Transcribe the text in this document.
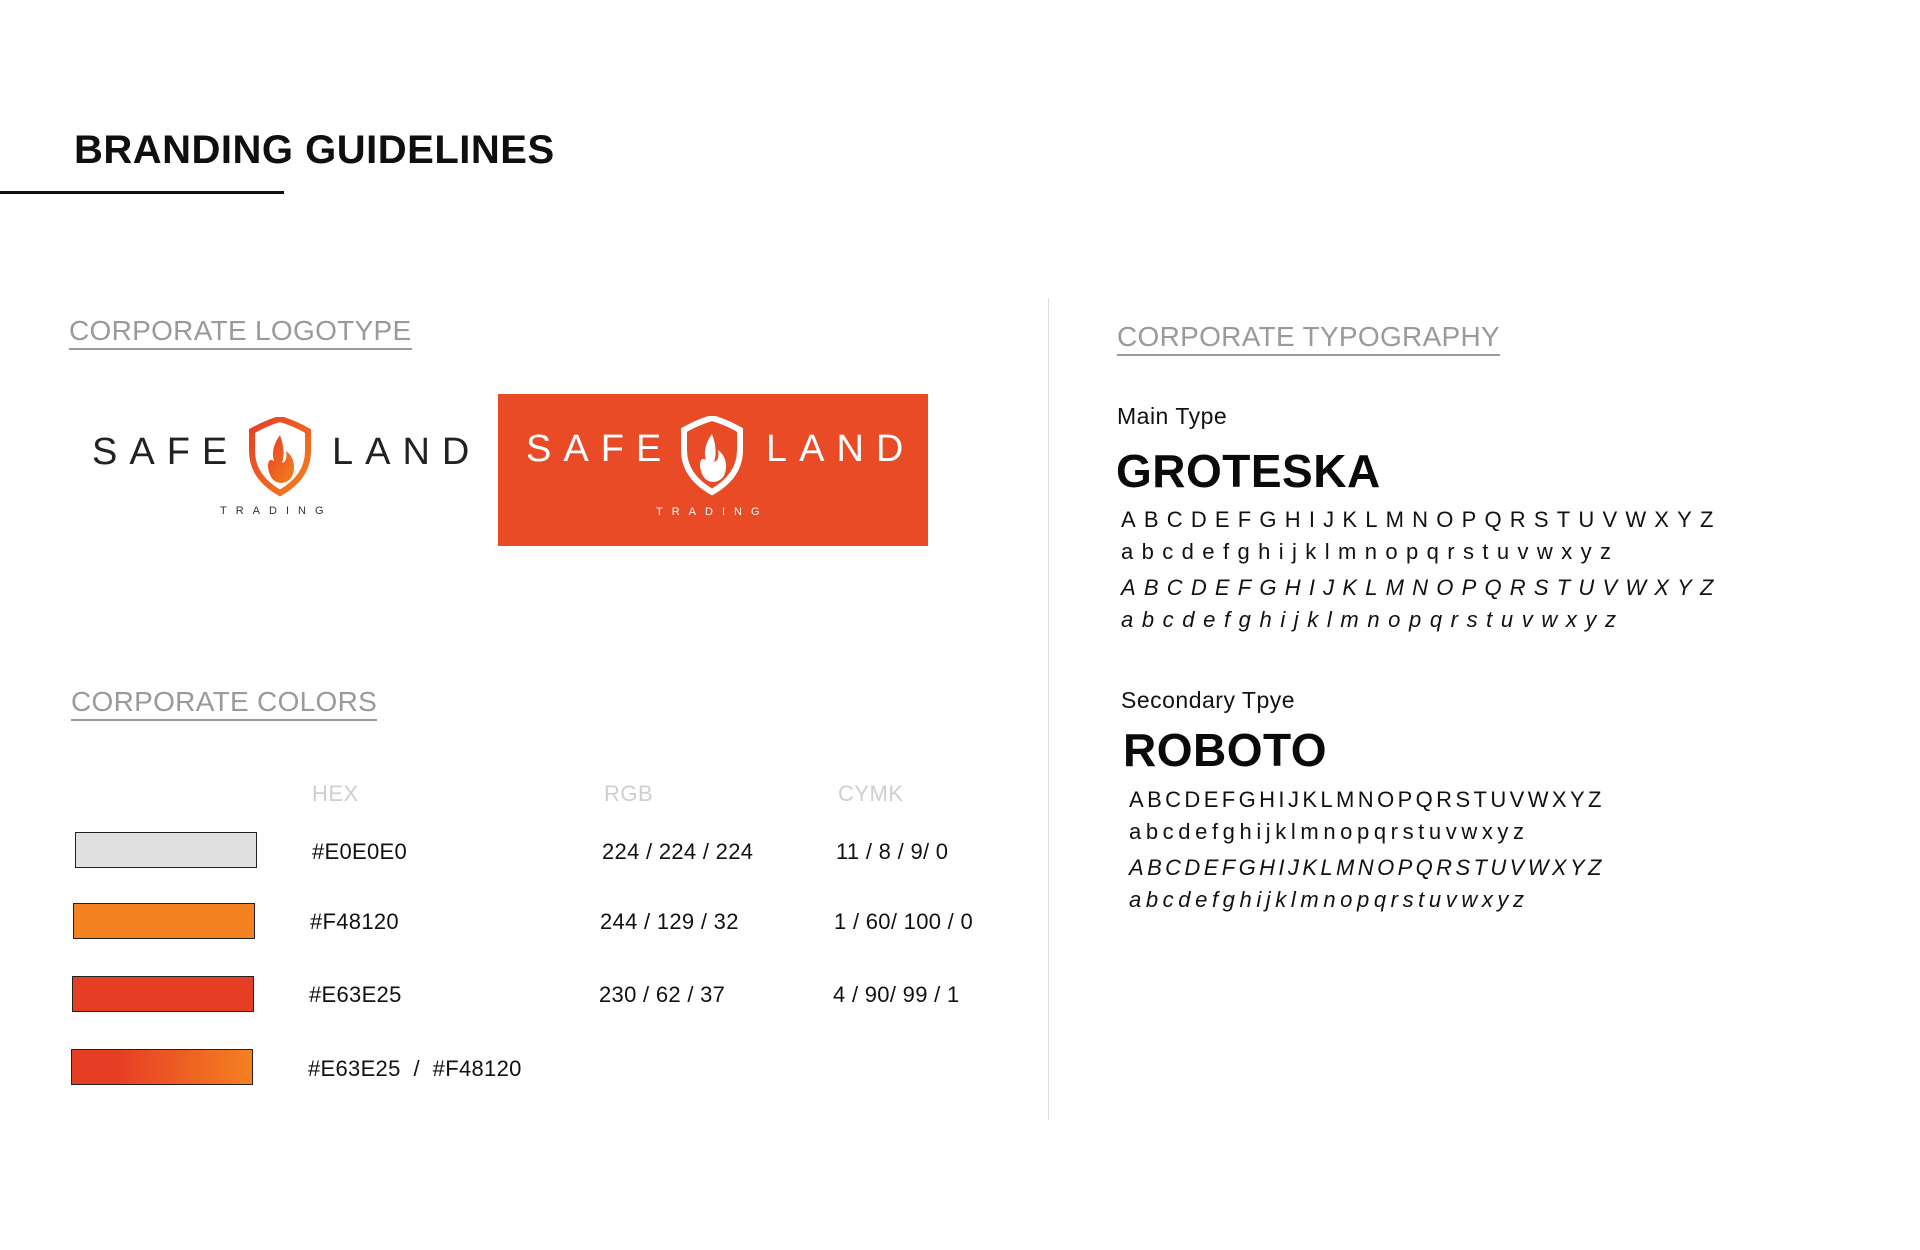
BRANDING GUIDELINES
CORPORATE LOGOTYPE
SAFE LAND
TRADING
SAFE LAND
TRADING
CORPORATE COLORS
HEX	RGB	CYMK
#E0E0E0	224 / 224 / 224	11 / 8 / 9/ 0
#F48120	244 / 129 / 32	1 / 60/ 100 / 0
#E63E25	230 / 62 / 37	4 / 90/ 99 / 1
#E63E25  /  #F48120
CORPORATE TYPOGRAPHY
Main Type
GROTESKA
ABCDEFGHIJKLMNOPQRSTUVWXYZ
abcdefghijklmnopqrstuvwxyz
ABCDEFGHIJKLMNOPQRSTUVWXYZ
abcdefghijklmnopqrstuvwxyz
Secondary Tpye
ROBOTO
ABCDEFGHIJKLMNOPQRSTUVWXYZ
abcdefghijklmnopqrstuvwxyz
ABCDEFGHIJKLMNOPQRSTUVWXYZ
abcdefghijklmnopqrstuvwxyz
